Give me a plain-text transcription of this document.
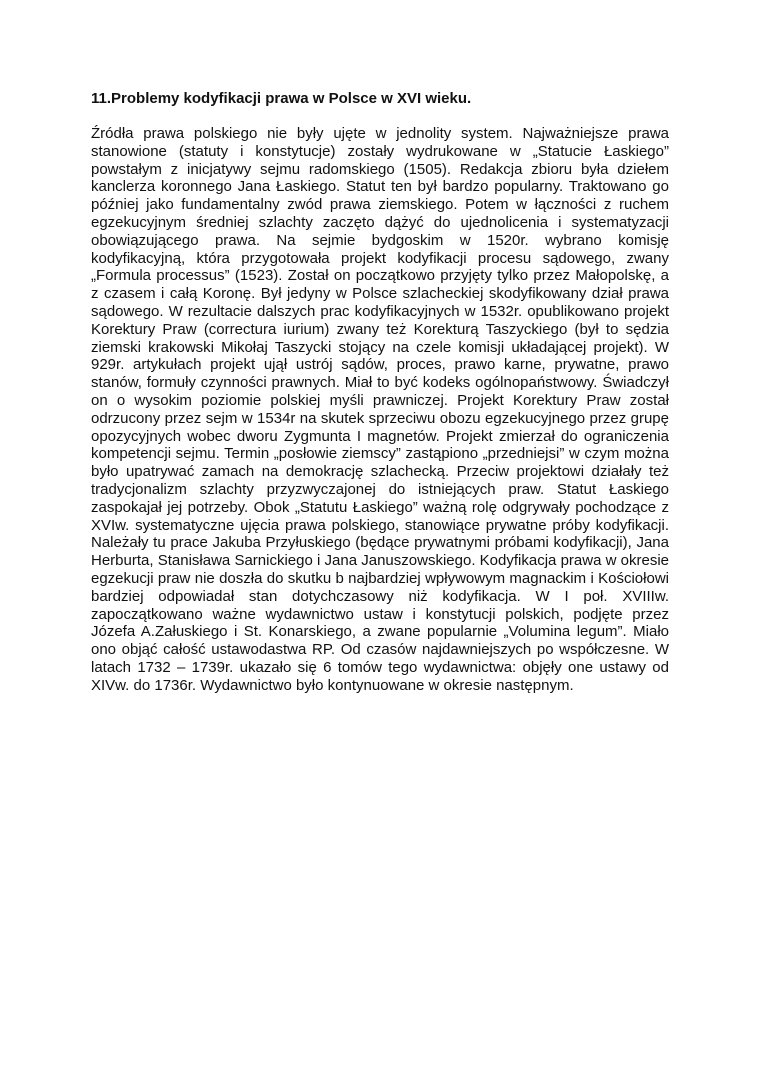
11.Problemy kodyfikacji prawa w Polsce w XVI wieku.

Źródła prawa polskiego nie były ujęte w jednolity system. Najważniejsze prawa stanowione (statuty i konstytucje) zostały wydrukowane w „Statucie Łaskiego” powstałym z inicjatywy sejmu radomskiego (1505). Redakcja zbioru była dziełem kanclerza koronnego Jana Łaskiego. Statut ten był bardzo popularny. Traktowano go później jako fundamentalny zwód prawa ziemskiego. Potem w łączności z ruchem egzekucyjnym średniej szlachty zaczęto dążyć do ujednolicenia i systematyzacji obowiązującego prawa. Na sejmie bydgoskim w 1520r. wybrano komisję kodyfikacyjną, która przygotowała projekt kodyfikacji procesu sądowego, zwany „Formula processus” (1523). Został on początkowo przyjęty tylko przez Małopolskę, a z czasem i całą Koronę. Był jedyny w Polsce szlacheckiej skodyfikowany dział prawa sądowego. W rezultacie dalszych prac kodyfikacyjnych w 1532r. opublikowano projekt Korektury Praw (correctura iurium) zwany też Korekturą Taszyckiego (był to sędzia ziemski krakowski Mikołaj Taszycki stojący na czele komisji układającej projekt). W 929r. artykułach projekt ujął ustrój sądów, proces, prawo karne, prywatne, prawo stanów, formuły czynności prawnych. Miał to być kodeks ogólnopaństwowy. Świadczył on o wysokim poziomie polskiej myśli prawniczej. Projekt Korektury Praw został odrzucony przez sejm w 1534r na skutek sprzeciwu obozu egzekucyjnego przez grupę opozycyjnych wobec dworu Zygmunta I magnetów. Projekt zmierzał do ograniczenia kompetencji sejmu. Termin „posłowie ziemscy” zastąpiono „przedniejsi” w czym można było upatrywać zamach na demokrację szlachecką. Przeciw projektowi działały też tradycjonalizm szlachty przyzwyczajonej do istniejących praw. Statut Łaskiego zaspokajał jej potrzeby. Obok „Statutu Łaskiego” ważną rolę odgrywały pochodzące z XVIw. systematyczne ujęcia prawa polskiego, stanowiące prywatne próby kodyfikacji. Należały tu prace Jakuba Przyłuskiego (będące prywatnymi próbami kodyfikacji), Jana Herburta, Stanisława Sarnickiego i Jana Januszowskiego. Kodyfikacja prawa w okresie egzekucji praw nie doszła do skutku b najbardziej wpływowym magnackim i Kościołowi bardziej odpowiadał stan dotychczasowy niż kodyfikacja. W I poł. XVIIIw. zapoczątkowano ważne wydawnictwo ustaw i konstytucji polskich, podjęte przez Józefa A.Załuskiego i St. Konarskiego, a zwane popularnie „Volumina legum”. Miało ono objąć całość ustawodastwa RP. Od czasów najdawniejszych po współczesne. W latach 1732 – 1739r. ukazało się 6 tomów tego wydawnictwa: objęły one ustawy od XIVw. do 1736r. Wydawnictwo było kontynuowane w okresie następnym.
